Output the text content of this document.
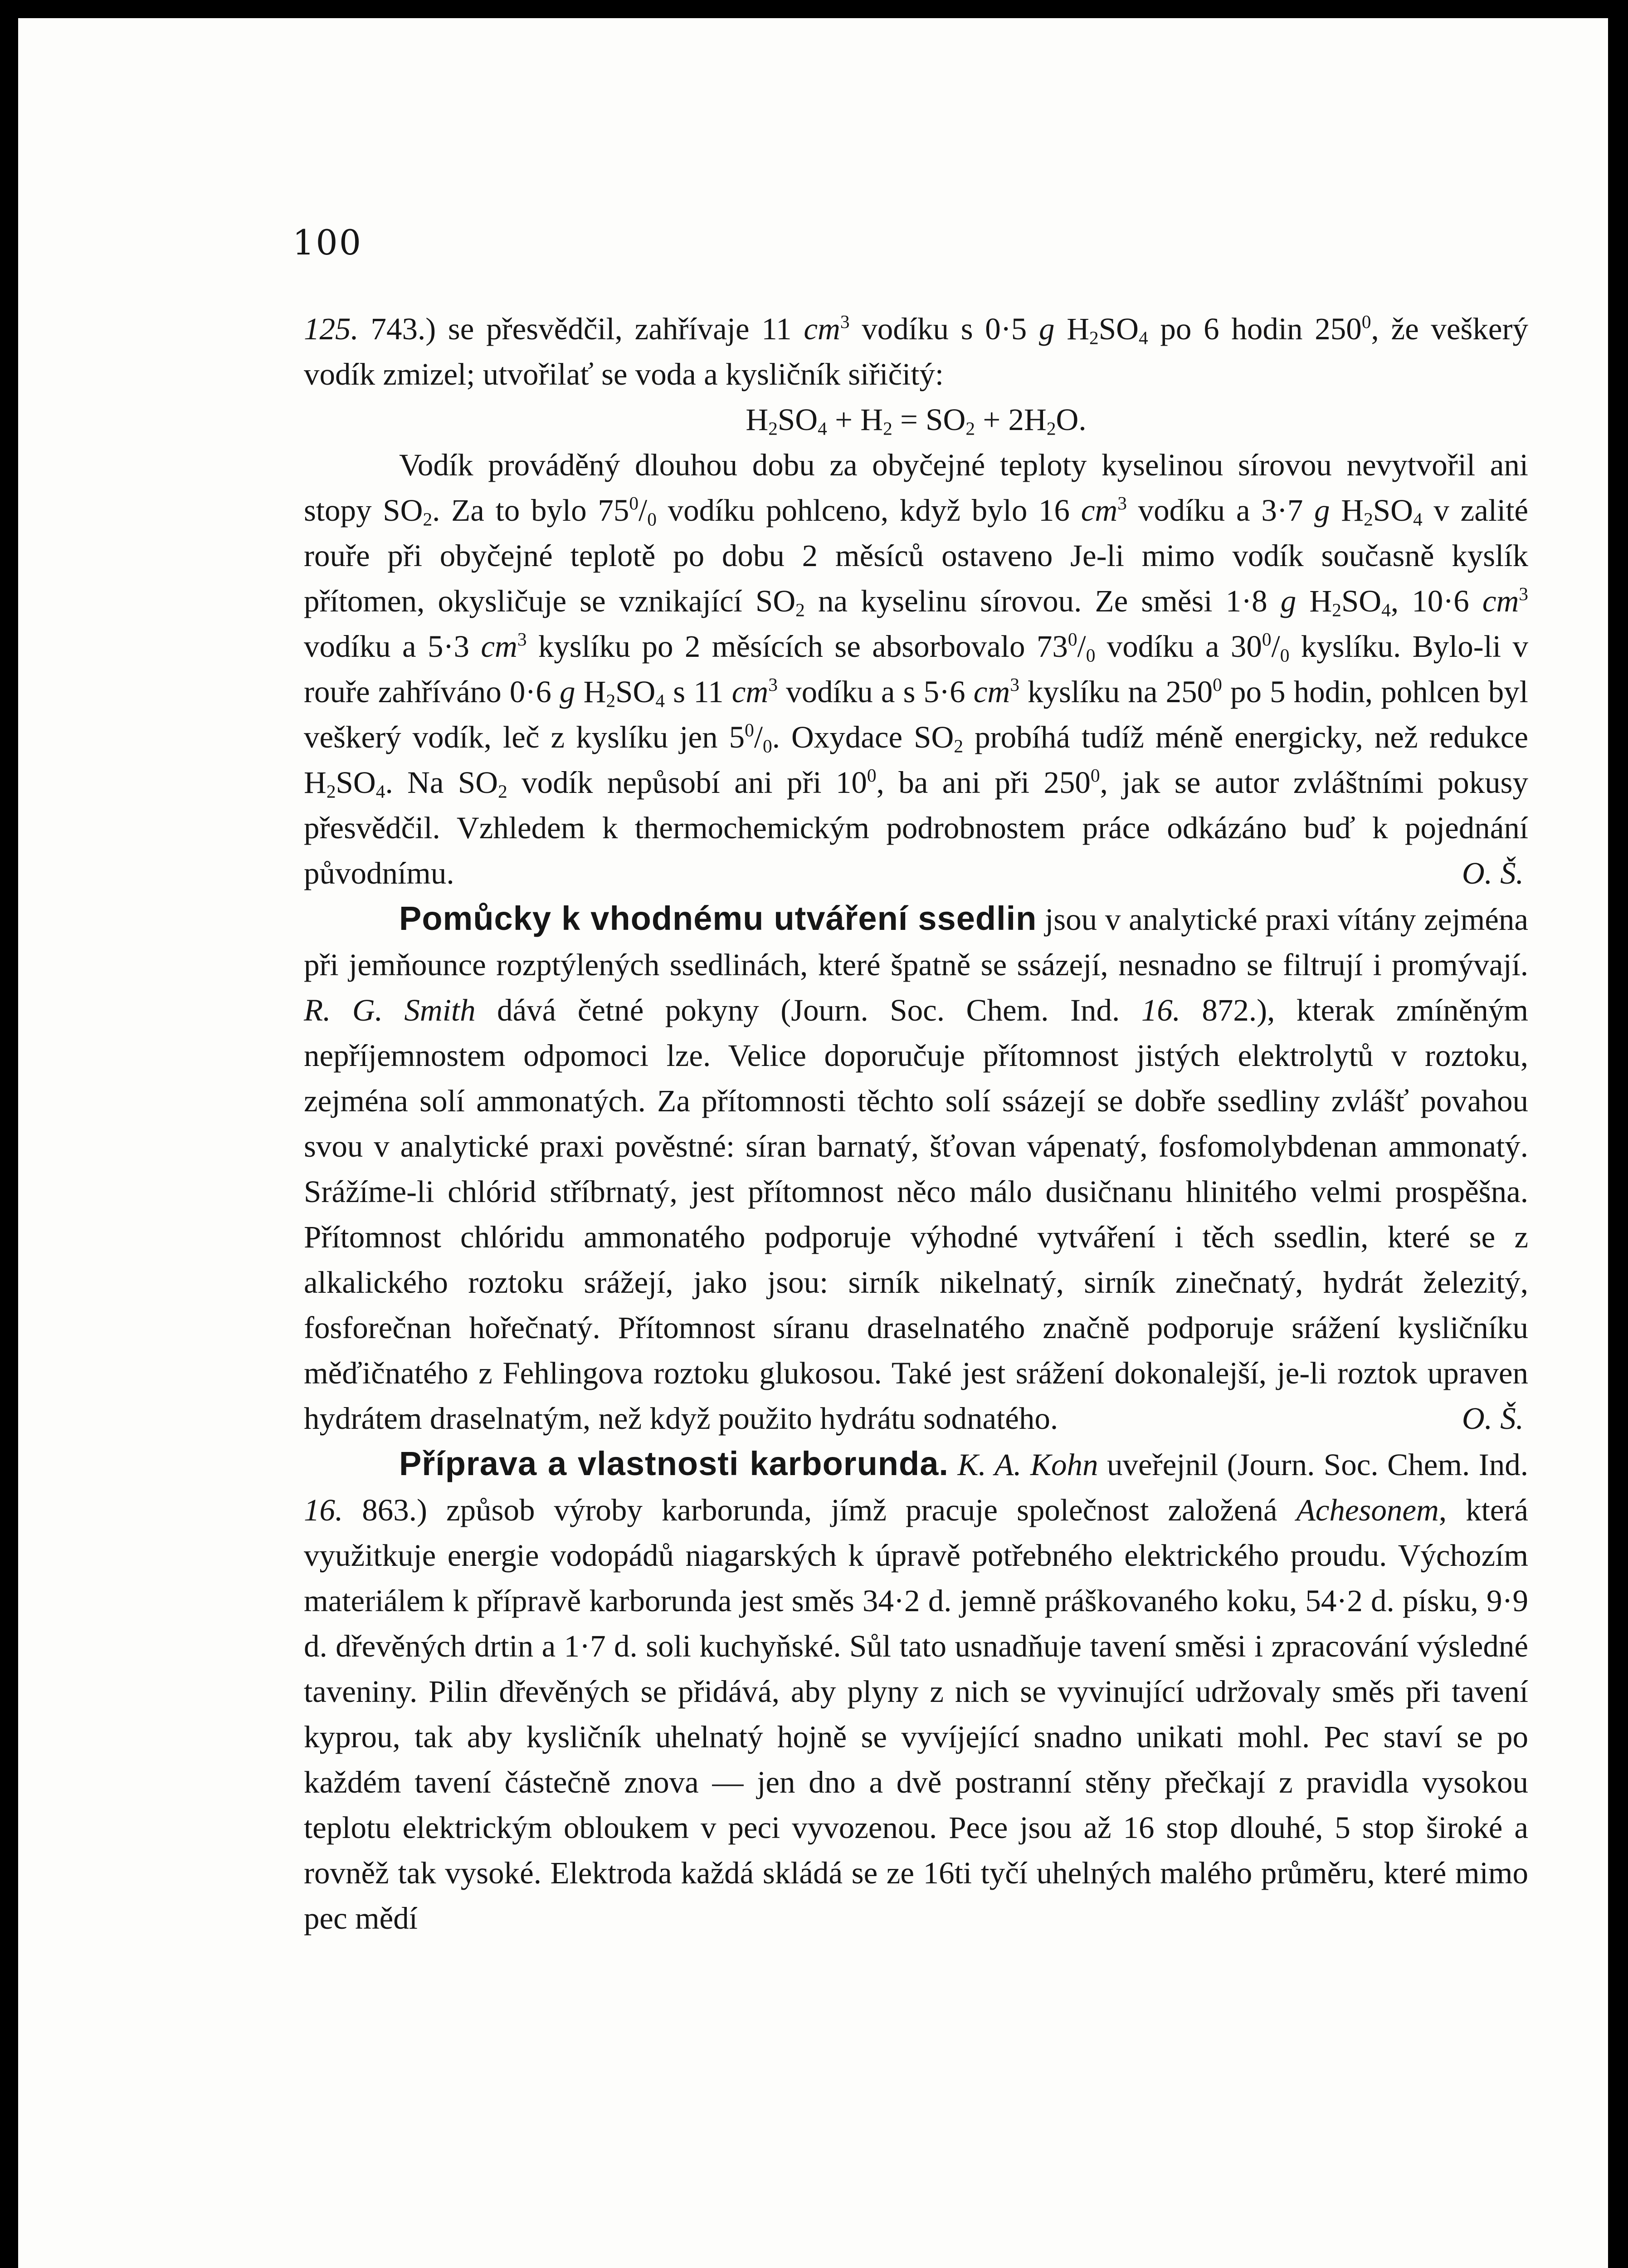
100

125. 743.) se přesvědčil, zahřívaje 11 $cm^3$ vodíku s 0·5 g $H_2SO_4$ po 6 hodin $250^0$, že veškerý vodík zmizel; utvořilať se voda a kysličník siřičitý:

$H_2SO_4 + H_2 = SO_2 + 2H_2O$.

Vodík prováděný dlouhou dobu za obyčejné teploty kyselinou sírovou nevytvořil ani stopy $SO_2$. Za to bylo $75^0/_0$ vodíku pohlceno, když bylo 16 $cm^3$ vodíku a 3·7 g $H_2SO_4$ v zalité rouře při obyčejné teplotě po dobu 2 měsíců ostaveno Je-li mimo vodík současně kyslík přítomen, okysličuje se vznikající $SO_2$ na kyselinu sírovou. Ze směsi 1·8 g $H_2SO_4$, 10·6 $cm^3$ vodíku a 5·3 $cm^3$ kyslíku po 2 měsících se absorbovalo $73^0/_0$ vodíku a $30^0/_0$ kyslíku. Bylo-li v rouře zahříváno 0·6 g $H_2SO_4$ s 11 $cm^3$ vodíku a s 5·6 $cm^3$ kyslíku na $250^0$ po 5 hodin, pohlcen byl veškerý vodík, leč z kyslíku jen $5^0/_0$. Oxydace $SO_2$ probíhá tudíž méně energicky, než redukce $H_2SO_4$. Na $SO_2$ vodík nepůsobí ani při $10^0$, ba ani při $250^0$, jak se autor zvláštními pokusy přesvědčil. Vzhledem k thermochemickým podrobnostem práce odkázáno buď k pojednání původnímu.	O. Š.

Pomůcky k vhodnému utváření ssedlin jsou v analytické praxi vítány zejména při jemňounce rozptýlených ssedlinách, které špatně se ssázejí, nesnadno se filtrují i promývají. R. G. Smith dává četné pokyny (Journ. Soc. Chem. Ind. 16. 872.), kterak zmíněným nepříjemnostem odpomoci lze. Velice doporučuje přítomnost jistých elektrolytů v roztoku, zejména solí ammonatých. Za přítomnosti těchto solí ssázejí se dobře ssedliny zvlášť povahou svou v analytické praxi pověstné: síran barnatý, šťovan vápenatý, fosfomolybdenan ammonatý. Srážíme-li chlórid stříbrnatý, jest přítomnost něco málo dusičnanu hlinitého velmi prospěšna. Přítomnost chlóridu ammonatého podporuje výhodné vytváření i těch ssedlin, které se z alkalického roztoku srážejí, jako jsou: sirník nikelnatý, sirník zinečnatý, hydrát železitý, fosforečnan hořečnatý. Přítomnost síranu draselnatého značně podporuje srážení kysličníku měďičnatého z Fehlingova roztoku glukosou. Také jest srážení dokonalejší, je-li roztok upraven hydrátem draselnatým, než když použito hydrátu sodnatého.	O. Š.

Příprava a vlastnosti karborunda. K. A. Kohn uveřejnil (Journ. Soc. Chem. Ind. 16. 863.) způsob výroby karborunda, jímž pracuje společnost založená Achesonem, která využitkuje energie vodopádů niagarských k úpravě potřebného elektrického proudu. Výchozím materiálem k přípravě karborunda jest směs 34·2 d. jemně práškovaného koku, 54·2 d. písku, 9·9 d. dřevěných drtin a 1·7 d. soli kuchyňské. Sůl tato usnadňuje tavení směsi i zpracování výsledné taveniny. Pilin dřevěných se přidává, aby plyny z nich se vyvinující udržovaly směs při tavení kyprou, tak aby kysličník uhelnatý hojně se vyvíjející snadno unikati mohl. Pec staví se po každém tavení částečně znova — jen dno a dvě postranní stěny přečkají z pravidla vysokou teplotu elektrickým obloukem v peci vyvozenou. Pece jsou až 16 stop dlouhé, 5 stop široké a rovněž tak vysoké. Elektroda každá skládá se ze 16ti tyčí uhelných malého průměru, které mimo pec mědí
